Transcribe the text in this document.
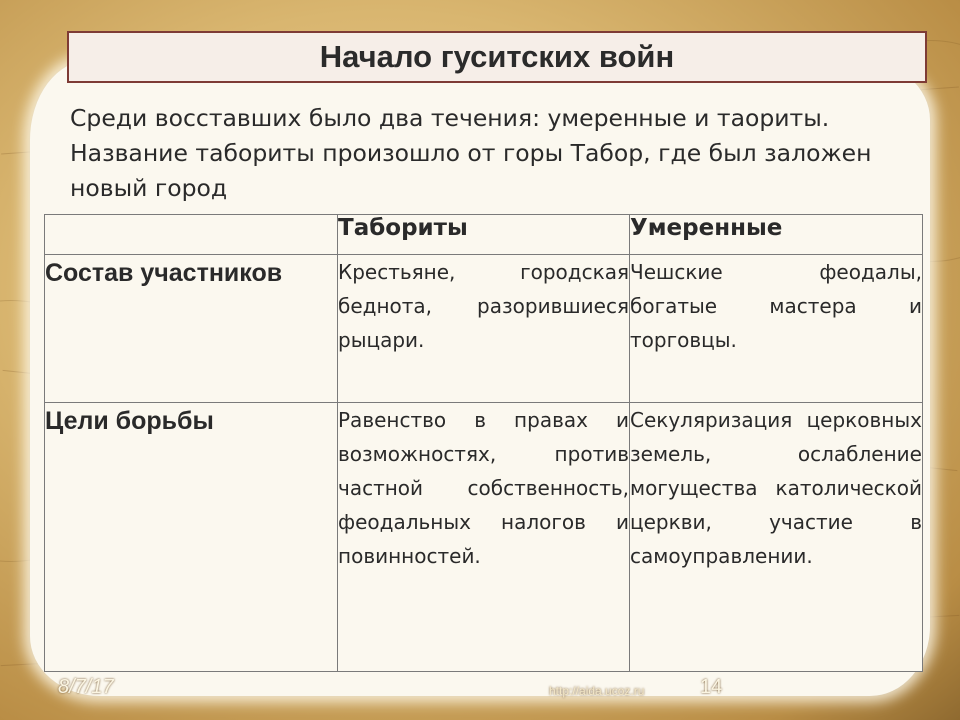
Начало гуситских войн
Среди восставших было два течения: умеренные и таориты. Название табориты произошло от горы Табор, где был заложен новый город
	Табориты	Умеренные
Состав участников	Крестьяне, городская беднота, разорившиеся рыцари.	Чешские феодалы, богатые мастера и торговцы.
Цели борьбы	Равенство в правах и возможностях, против частной собственность, феодальных налогов и повинностей.	Секуляризация церковных земель, ослабление могущества католической церкви, участие в самоуправлении.
8/7/17	http://aida.ucoz.ru	14
